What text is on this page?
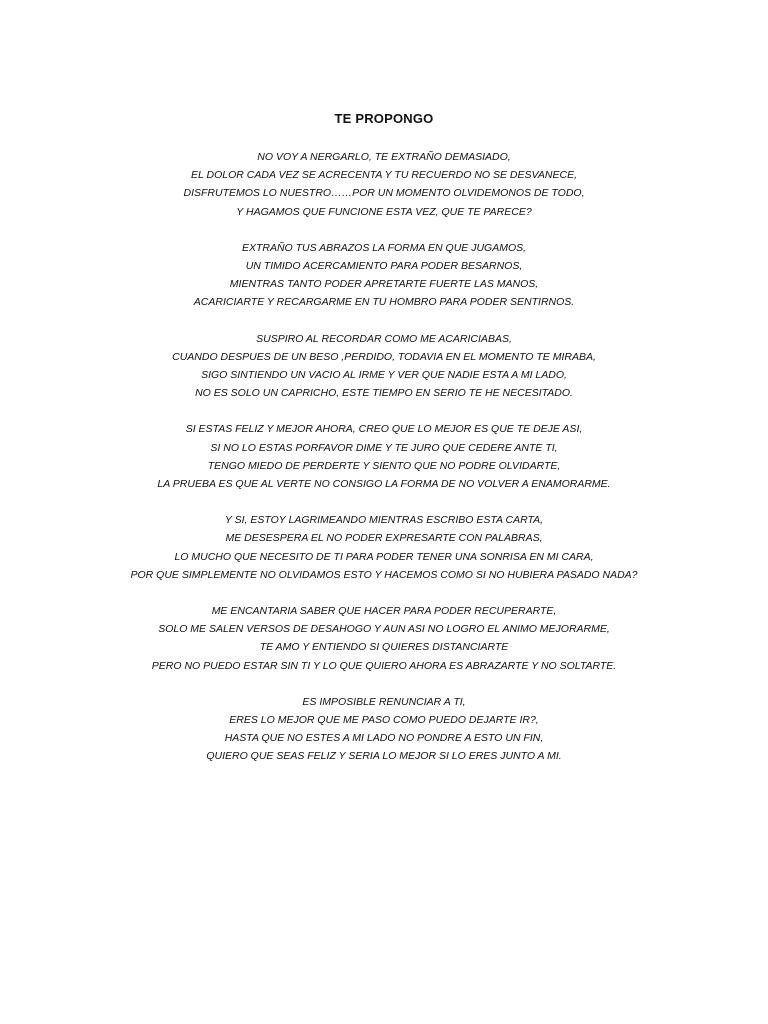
TE PROPONGO
NO VOY A NERGARLO, TE EXTRAÑO DEMASIADO,
EL DOLOR CADA VEZ SE ACRECENTA Y TU RECUERDO NO SE DESVANECE,
DISFRUTEMOS LO NUESTRO……POR UN MOMENTO OLVIDEMONOS DE TODO,
Y HAGAMOS QUE FUNCIONE ESTA VEZ, QUE TE PARECE?
EXTRAÑO TUS ABRAZOS LA FORMA EN QUE JUGAMOS,
UN TIMIDO ACERCAMIENTO PARA PODER BESARNOS,
MIENTRAS TANTO PODER APRETARTE FUERTE LAS MANOS,
ACARICIARTE Y RECARGARME EN TU HOMBRO PARA PODER SENTIRNOS.
SUSPIRO AL RECORDAR COMO ME ACARICIABAS,
CUANDO DESPUES DE UN BESO ,PERDIDO, TODAVIA EN EL MOMENTO TE MIRABA,
SIGO SINTIENDO UN VACIO AL IRME Y VER QUE NADIE ESTA A MI LADO,
NO ES SOLO UN CAPRICHO, ESTE TIEMPO EN SERIO TE HE NECESITADO.
SI ESTAS FELIZ Y MEJOR AHORA, CREO QUE LO MEJOR ES QUE TE DEJE ASI,
SI NO LO ESTAS PORFAVOR DIME Y TE JURO QUE CEDERE ANTE TI,
TENGO MIEDO DE PERDERTE Y SIENTO QUE NO PODRE OLVIDARTE,
LA PRUEBA ES QUE AL VERTE NO CONSIGO LA FORMA DE NO VOLVER A ENAMORARME.
Y SI, ESTOY LAGRIMEANDO MIENTRAS ESCRIBO ESTA CARTA,
ME DESESPERA EL NO PODER EXPRESARTE CON PALABRAS,
LO MUCHO QUE NECESITO DE TI PARA PODER TENER UNA SONRISA EN MI CARA,
POR QUE SIMPLEMENTE NO OLVIDAMOS ESTO Y HACEMOS COMO SI NO HUBIERA PASADO NADA?
ME ENCANTARIA SABER QUE HACER PARA PODER RECUPERARTE,
SOLO ME SALEN VERSOS DE DESAHOGO Y AUN ASI NO LOGRO EL ANIMO MEJORARME,
TE AMO Y ENTIENDO SI QUIERES DISTANCIARTE
PERO NO PUEDO ESTAR SIN TI Y LO QUE QUIERO AHORA ES ABRAZARTE Y NO SOLTARTE.
ES IMPOSIBLE RENUNCIAR A TI,
ERES LO MEJOR QUE ME PASO COMO PUEDO DEJARTE IR?,
HASTA QUE NO ESTES A MI LADO NO PONDRE A ESTO UN FIN,
QUIERO QUE SEAS FELIZ Y SERIA LO MEJOR SI LO ERES JUNTO A MI.
